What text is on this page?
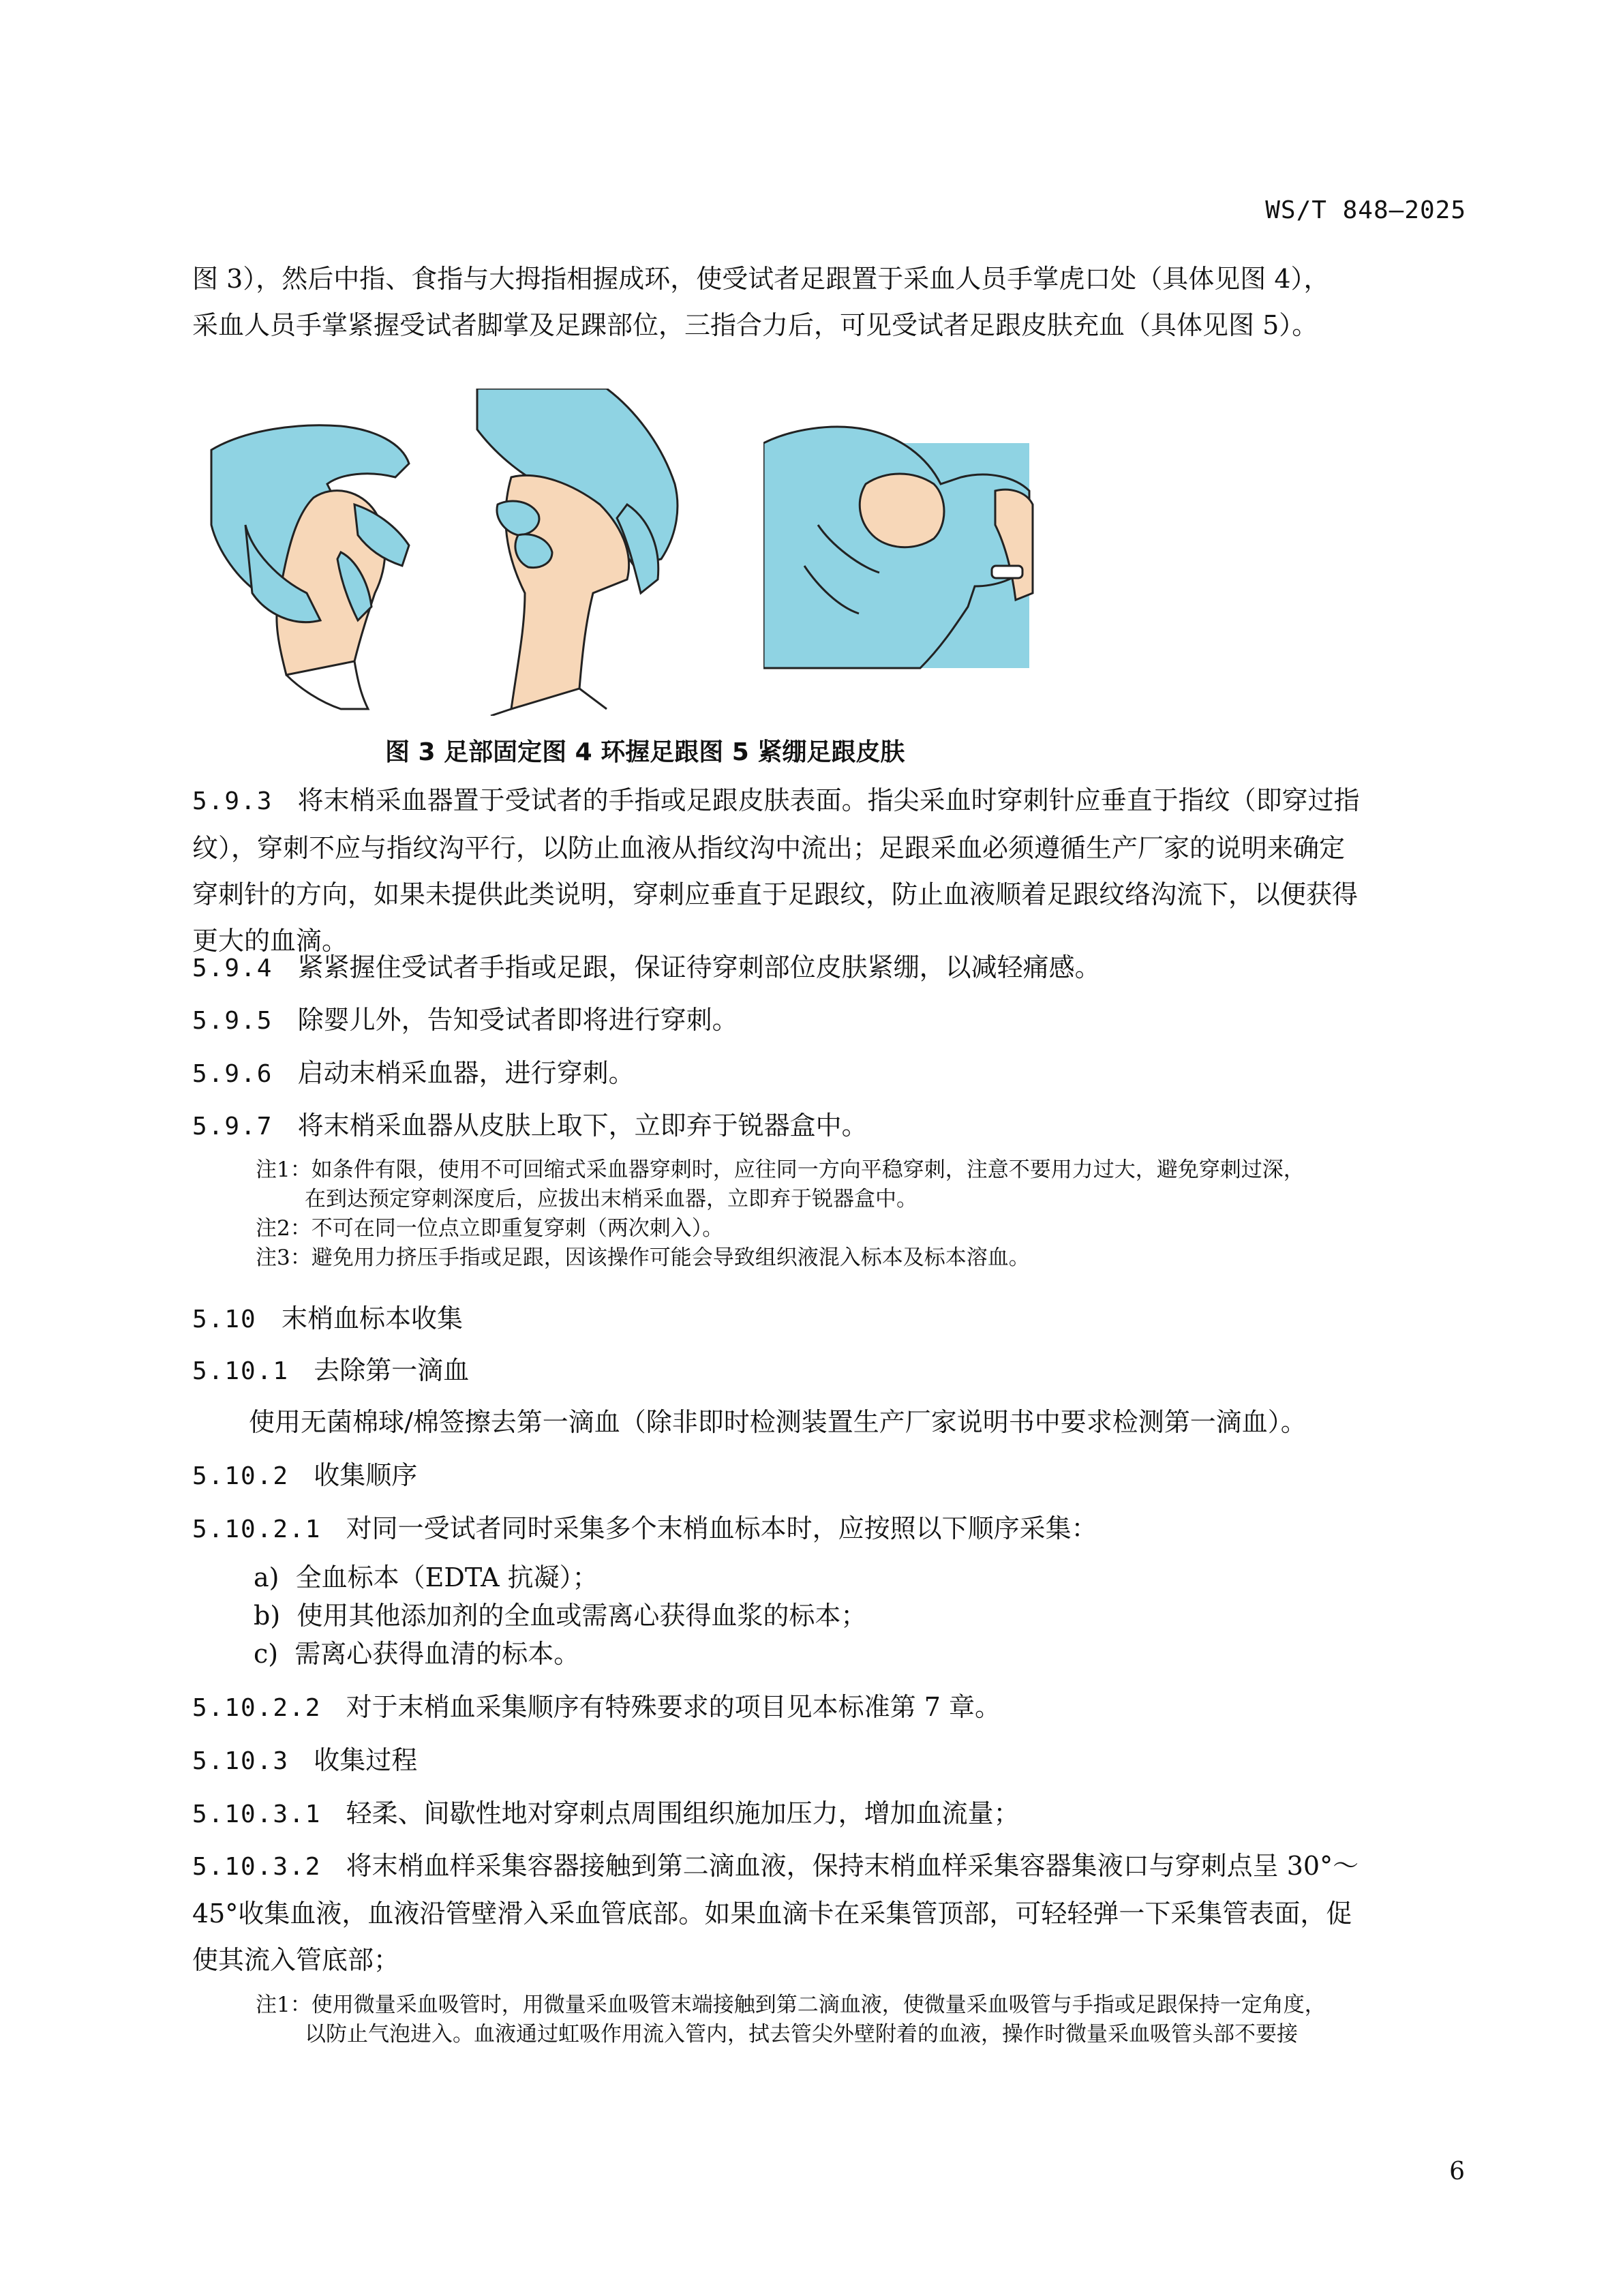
WS/T 848—2025
图 3），然后中指、食指与大拇指相握成环，使受试者足跟置于采血人员手掌虎口处（具体见图 4），
采血人员手掌紧握受试者脚掌及足踝部位，三指合力后，可见受试者足跟皮肤充血（具体见图 5）。
图 3 足部固定图 4 环握足跟图 5 紧绷足跟皮肤
5.9.3 将末梢采血器置于受试者的手指或足跟皮肤表面。指尖采血时穿刺针应垂直于指纹（即穿过指
纹），穿刺不应与指纹沟平行，以防止血液从指纹沟中流出；足跟采血必须遵循生产厂家的说明来确定
穿刺针的方向，如果未提供此类说明，穿刺应垂直于足跟纹，防止血液顺着足跟纹络沟流下，以便获得
更大的血滴。
5.9.4 紧紧握住受试者手指或足跟，保证待穿刺部位皮肤紧绷，以减轻痛感。
5.9.5 除婴儿外，告知受试者即将进行穿刺。
5.9.6 启动末梢采血器，进行穿刺。
5.9.7 将末梢采血器从皮肤上取下，立即弃于锐器盒中。
注1：如条件有限，使用不可回缩式采血器穿刺时，应往同一方向平稳穿刺，注意不要用力过大，避免穿刺过深，
在到达预定穿刺深度后，应拔出末梢采血器，立即弃于锐器盒中。
注2：不可在同一位点立即重复穿刺（两次刺入）。
注3：避免用力挤压手指或足跟，因该操作可能会导致组织液混入标本及标本溶血。
5.10 末梢血标本收集
5.10.1 去除第一滴血
使用无菌棉球/棉签擦去第一滴血（除非即时检测装置生产厂家说明书中要求检测第一滴血）。
5.10.2 收集顺序
5.10.2.1 对同一受试者同时采集多个末梢血标本时，应按照以下顺序采集：
a) 全血标本（EDTA 抗凝）；
b) 使用其他添加剂的全血或需离心获得血浆的标本；
c) 需离心获得血清的标本。
5.10.2.2 对于末梢血采集顺序有特殊要求的项目见本标准第 7 章。
5.10.3 收集过程
5.10.3.1 轻柔、间歇性地对穿刺点周围组织施加压力，增加血流量；
5.10.3.2 将末梢血样采集容器接触到第二滴血液，保持末梢血样采集容器集液口与穿刺点呈 30°～
45°收集血液，血液沿管壁滑入采血管底部。如果血滴卡在采集管顶部，可轻轻弹一下采集管表面，促
使其流入管底部；
注1：使用微量采血吸管时，用微量采血吸管末端接触到第二滴血液，使微量采血吸管与手指或足跟保持一定角度，
以防止气泡进入。血液通过虹吸作用流入管内，拭去管尖外壁附着的血液，操作时微量采血吸管头部不要接
6
